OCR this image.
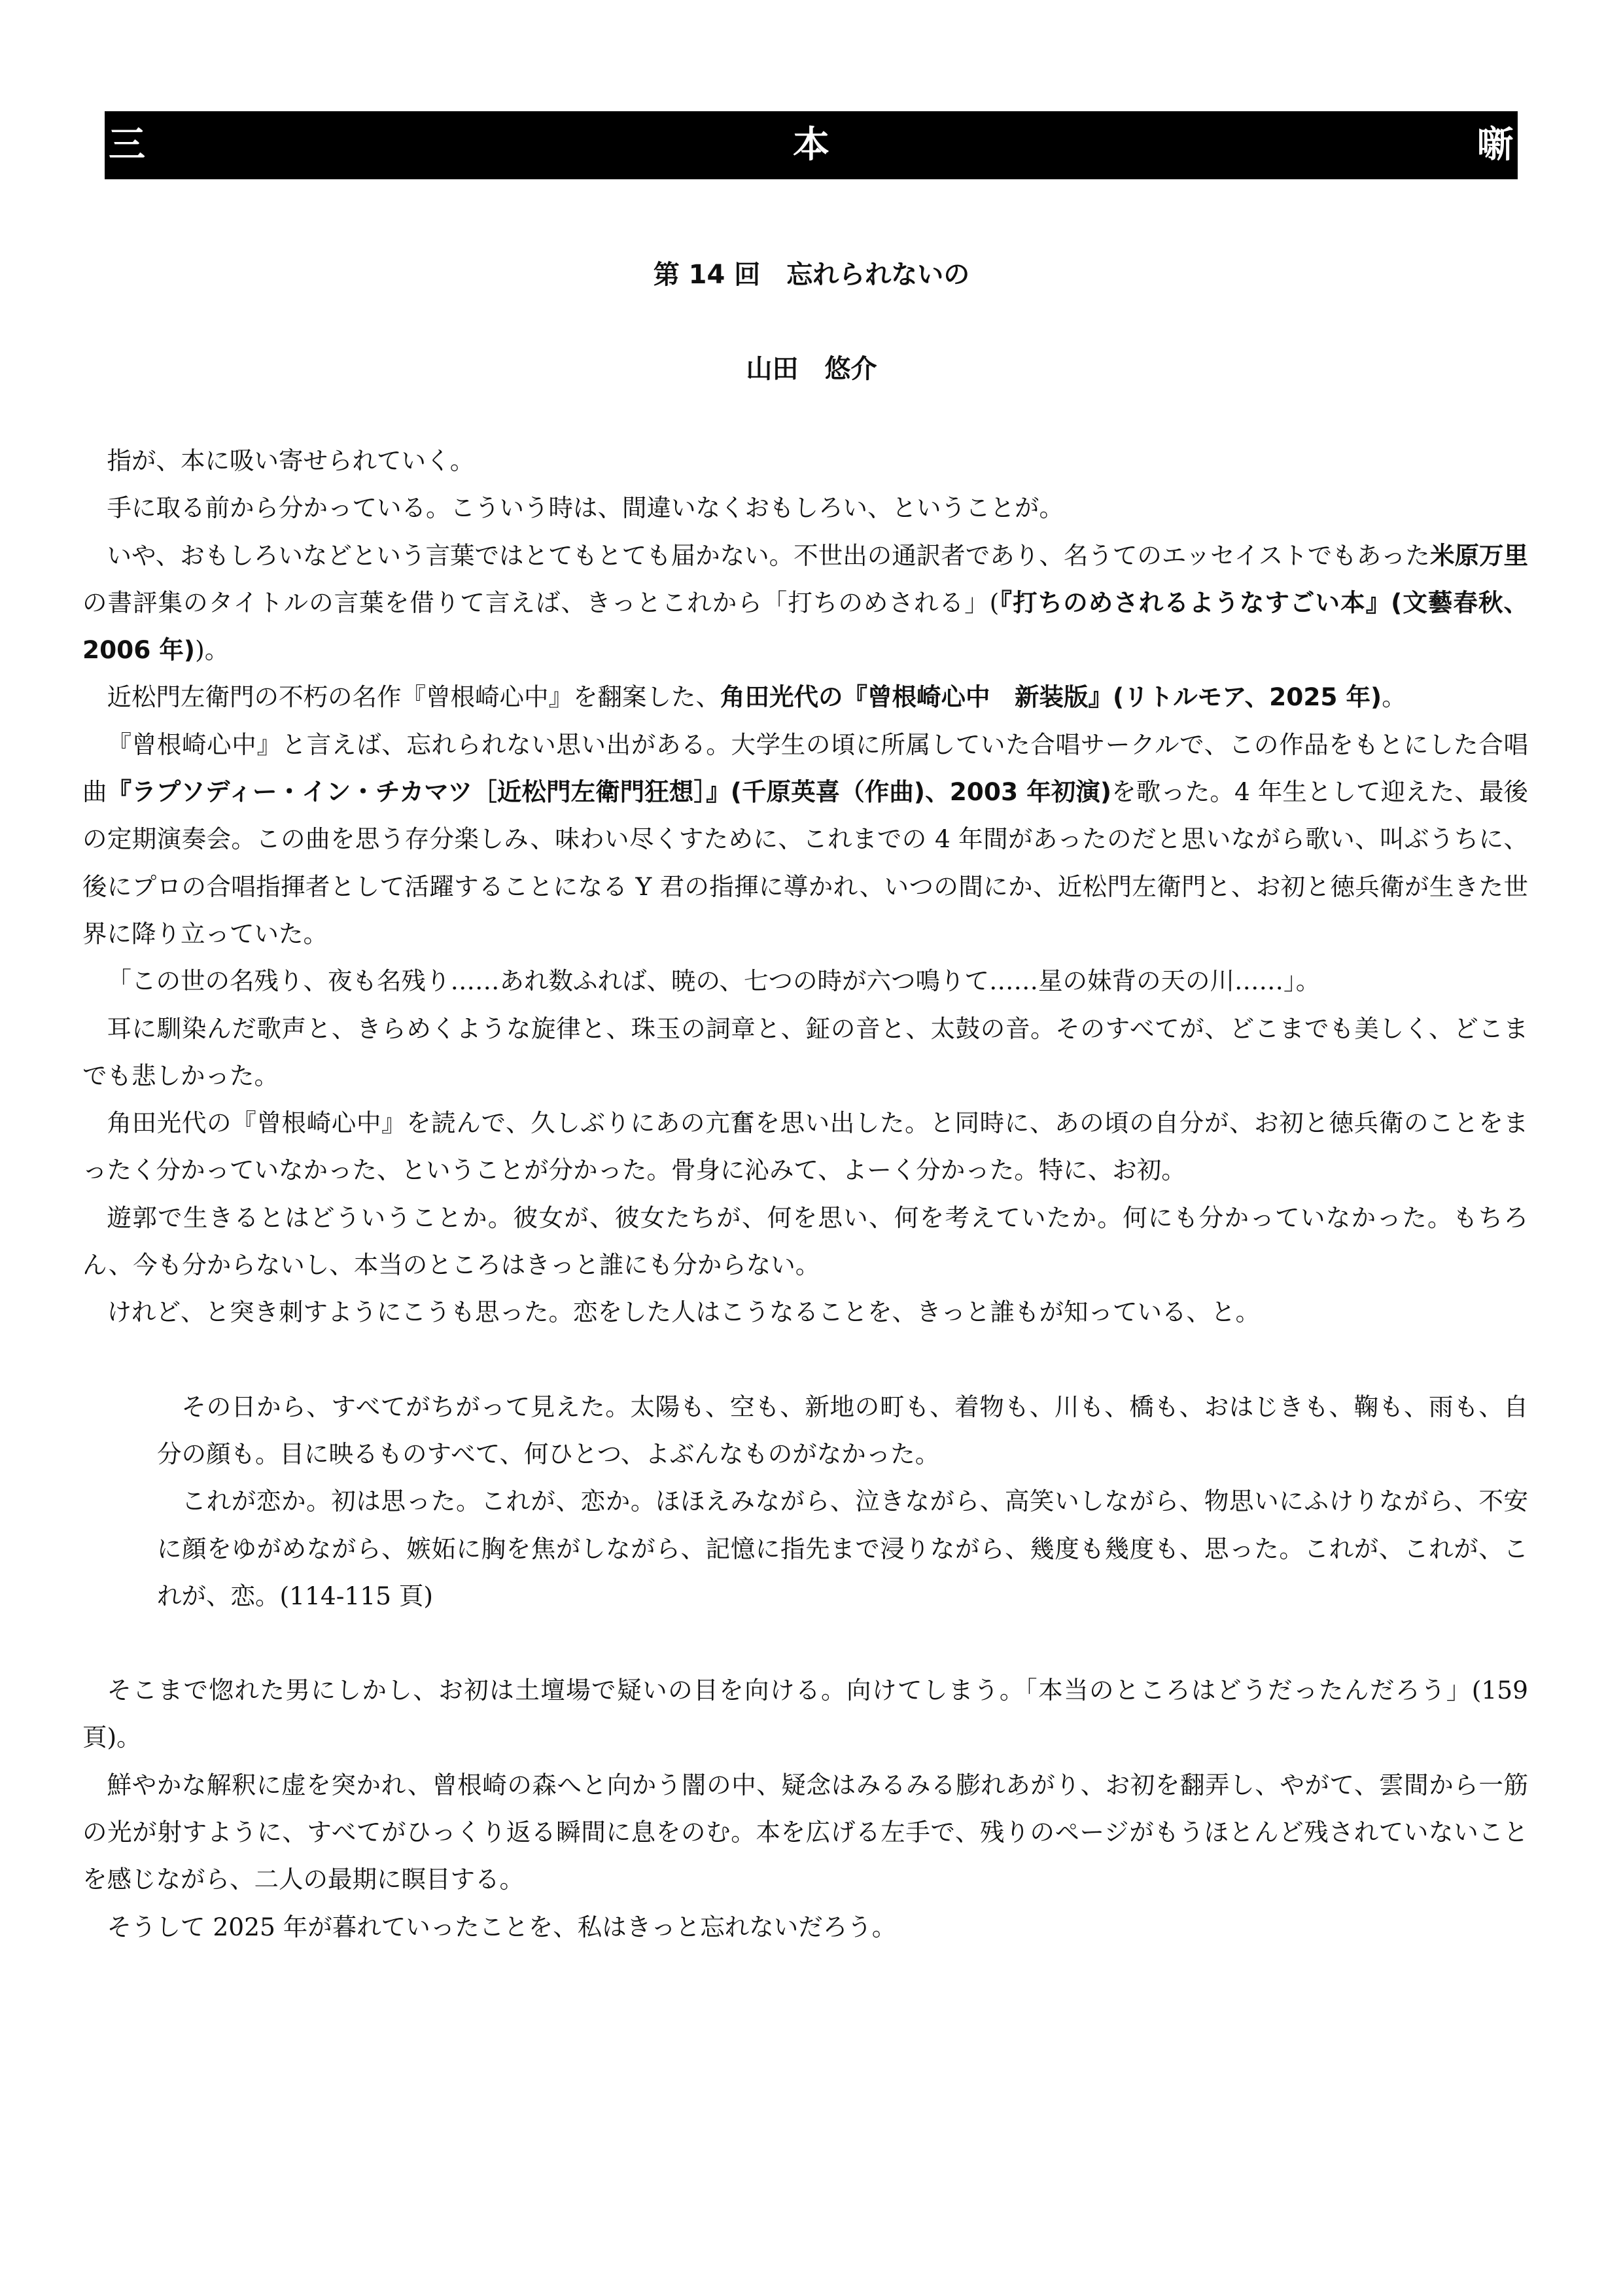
三	本	噺
第 14 回　忘れられないの
山田　悠介

指が、本に吸い寄せられていく。

手に取る前から分かっている。こういう時は、間違いなくおもしろい、ということが。

いや、おもしろいなどという言葉ではとてもとても届かない。不世出の通訳者であり、名うてのエッセイストでもあった米原万里の書評集のタイトルの言葉を借りて言えば、きっとこれから「打ちのめされる」(『打ちのめされるようなすごい本』(文藝春秋、2006 年))。

近松門左衛門の不朽の名作『曾根崎心中』を翻案した、角田光代の『曾根崎心中　新装版』(リトルモア、2025 年)。

『曾根崎心中』と言えば、忘れられない思い出がある。大学生の頃に所属していた合唱サークルで、この作品をもとにした合唱曲『ラプソディー・イン・チカマツ［近松門左衛門狂想］』(千原英喜（作曲)、2003 年初演)を歌った。4 年生として迎えた、最後の定期演奏会。この曲を思う存分楽しみ、味わい尽くすために、これまでの 4 年間があったのだと思いながら歌い、叫ぶうちに、後にプロの合唱指揮者として活躍することになる Y 君の指揮に導かれ、いつの間にか、近松門左衛門と、お初と徳兵衛が生きた世界に降り立っていた。

「この世の名残り、夜も名残り……あれ数ふれば、暁の、七つの時が六つ鳴りて……星の妹背の天の川……」。

耳に馴染んだ歌声と、きらめくような旋律と、珠玉の詞章と、鉦の音と、太鼓の音。そのすべてが、どこまでも美しく、どこまでも悲しかった。

角田光代の『曾根崎心中』を読んで、久しぶりにあの亢奮を思い出した。と同時に、あの頃の自分が、お初と徳兵衛のことをまったく分かっていなかった、ということが分かった。骨身に沁みて、よーく分かった。特に、お初。

遊郭で生きるとはどういうことか。彼女が、彼女たちが、何を思い、何を考えていたか。何にも分かっていなかった。もちろん、今も分からないし、本当のところはきっと誰にも分からない。

けれど、と突き刺すようにこうも思った。恋をした人はこうなることを、きっと誰もが知っている、と。

その日から、すべてがちがって見えた。太陽も、空も、新地の町も、着物も、川も、橋も、おはじきも、鞠も、雨も、自分の顔も。目に映るものすべて、何ひとつ、よぶんなものがなかった。

これが恋か。初は思った。これが、恋か。ほほえみながら、泣きながら、高笑いしながら、物思いにふけりながら、不安に顔をゆがめながら、嫉妬に胸を焦がしながら、記憶に指先まで浸りながら、幾度も幾度も、思った。これが、これが、これが、恋。(114-115 頁)

そこまで惚れた男にしかし、お初は土壇場で疑いの目を向ける。向けてしまう。「本当のところはどうだったんだろう」(159 頁)。

鮮やかな解釈に虚を突かれ、曾根崎の森へと向かう闇の中、疑念はみるみる膨れあがり、お初を翻弄し、やがて、雲間から一筋の光が射すように、すべてがひっくり返る瞬間に息をのむ。本を広げる左手で、残りのページがもうほとんど残されていないことを感じながら、二人の最期に瞑目する。

そうして 2025 年が暮れていったことを、私はきっと忘れないだろう。
